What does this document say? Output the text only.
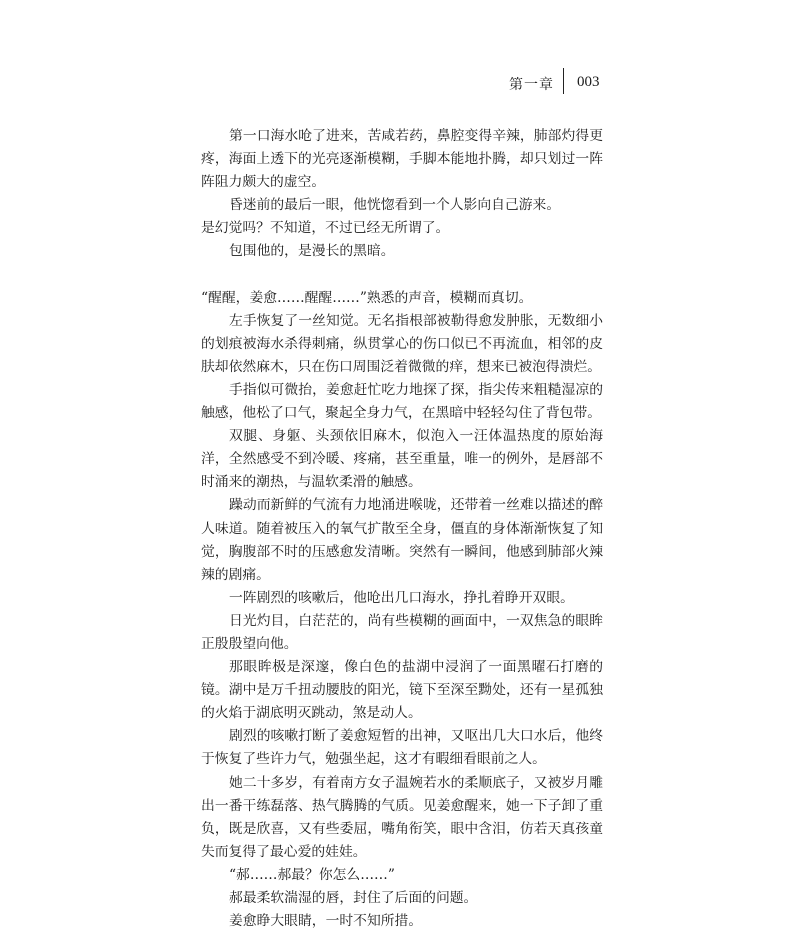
第一章 003

第一口海水呛了进来，苦咸若药，鼻腔变得辛辣，肺部灼得更疼，海面上透下的光亮逐渐模糊，手脚本能地扑腾，却只划过一阵阵阻力颇大的虚空。

昏迷前的最后一眼，他恍惚看到一个人影向自己游来。

是幻觉吗？不知道，不过已经无所谓了。

包围他的，是漫长的黑暗。

“醒醒，姜愈……醒醒……”熟悉的声音，模糊而真切。

左手恢复了一丝知觉。无名指根部被勒得愈发肿胀，无数细小的划痕被海水杀得刺痛，纵贯掌心的伤口似已不再流血，相邻的皮肤却依然麻木，只在伤口周围泛着微微的痒，想来已被泡得溃烂。

手指似可微抬，姜愈赶忙吃力地探了探，指尖传来粗糙湿凉的触感，他松了口气，聚起全身力气，在黑暗中轻轻勾住了背包带。

双腿、身躯、头颈依旧麻木，似泡入一汪体温热度的原始海洋，全然感受不到冷暖、疼痛，甚至重量，唯一的例外，是唇部不时涌来的潮热，与温软柔滑的触感。

躁动而新鲜的气流有力地涌进喉咙，还带着一丝难以描述的醉人味道。随着被压入的氧气扩散至全身，僵直的身体渐渐恢复了知觉，胸腹部不时的压感愈发清晰。突然有一瞬间，他感到肺部火辣辣的剧痛。

一阵剧烈的咳嗽后，他呛出几口海水，挣扎着睁开双眼。

日光灼目，白茫茫的，尚有些模糊的画面中，一双焦急的眼眸正殷殷望向他。

那眼眸极是深邃，像白色的盐湖中浸润了一面黑曜石打磨的镜。湖中是万千扭动腰肢的阳光，镜下至深至黝处，还有一星孤独的火焰于湖底明灭跳动，煞是动人。

剧烈的咳嗽打断了姜愈短暂的出神，又呕出几大口水后，他终于恢复了些许力气，勉强坐起，这才有暇细看眼前之人。

她二十多岁，有着南方女子温婉若水的柔顺底子，又被岁月雕出一番干练磊落、热气腾腾的气质。见姜愈醒来，她一下子卸了重负，既是欣喜，又有些委屈，嘴角衔笑，眼中含泪，仿若天真孩童失而复得了最心爱的娃娃。

“郝……郝最？你怎么……”

郝最柔软湍湿的唇，封住了后面的问题。

姜愈睁大眼睛，一时不知所措。
